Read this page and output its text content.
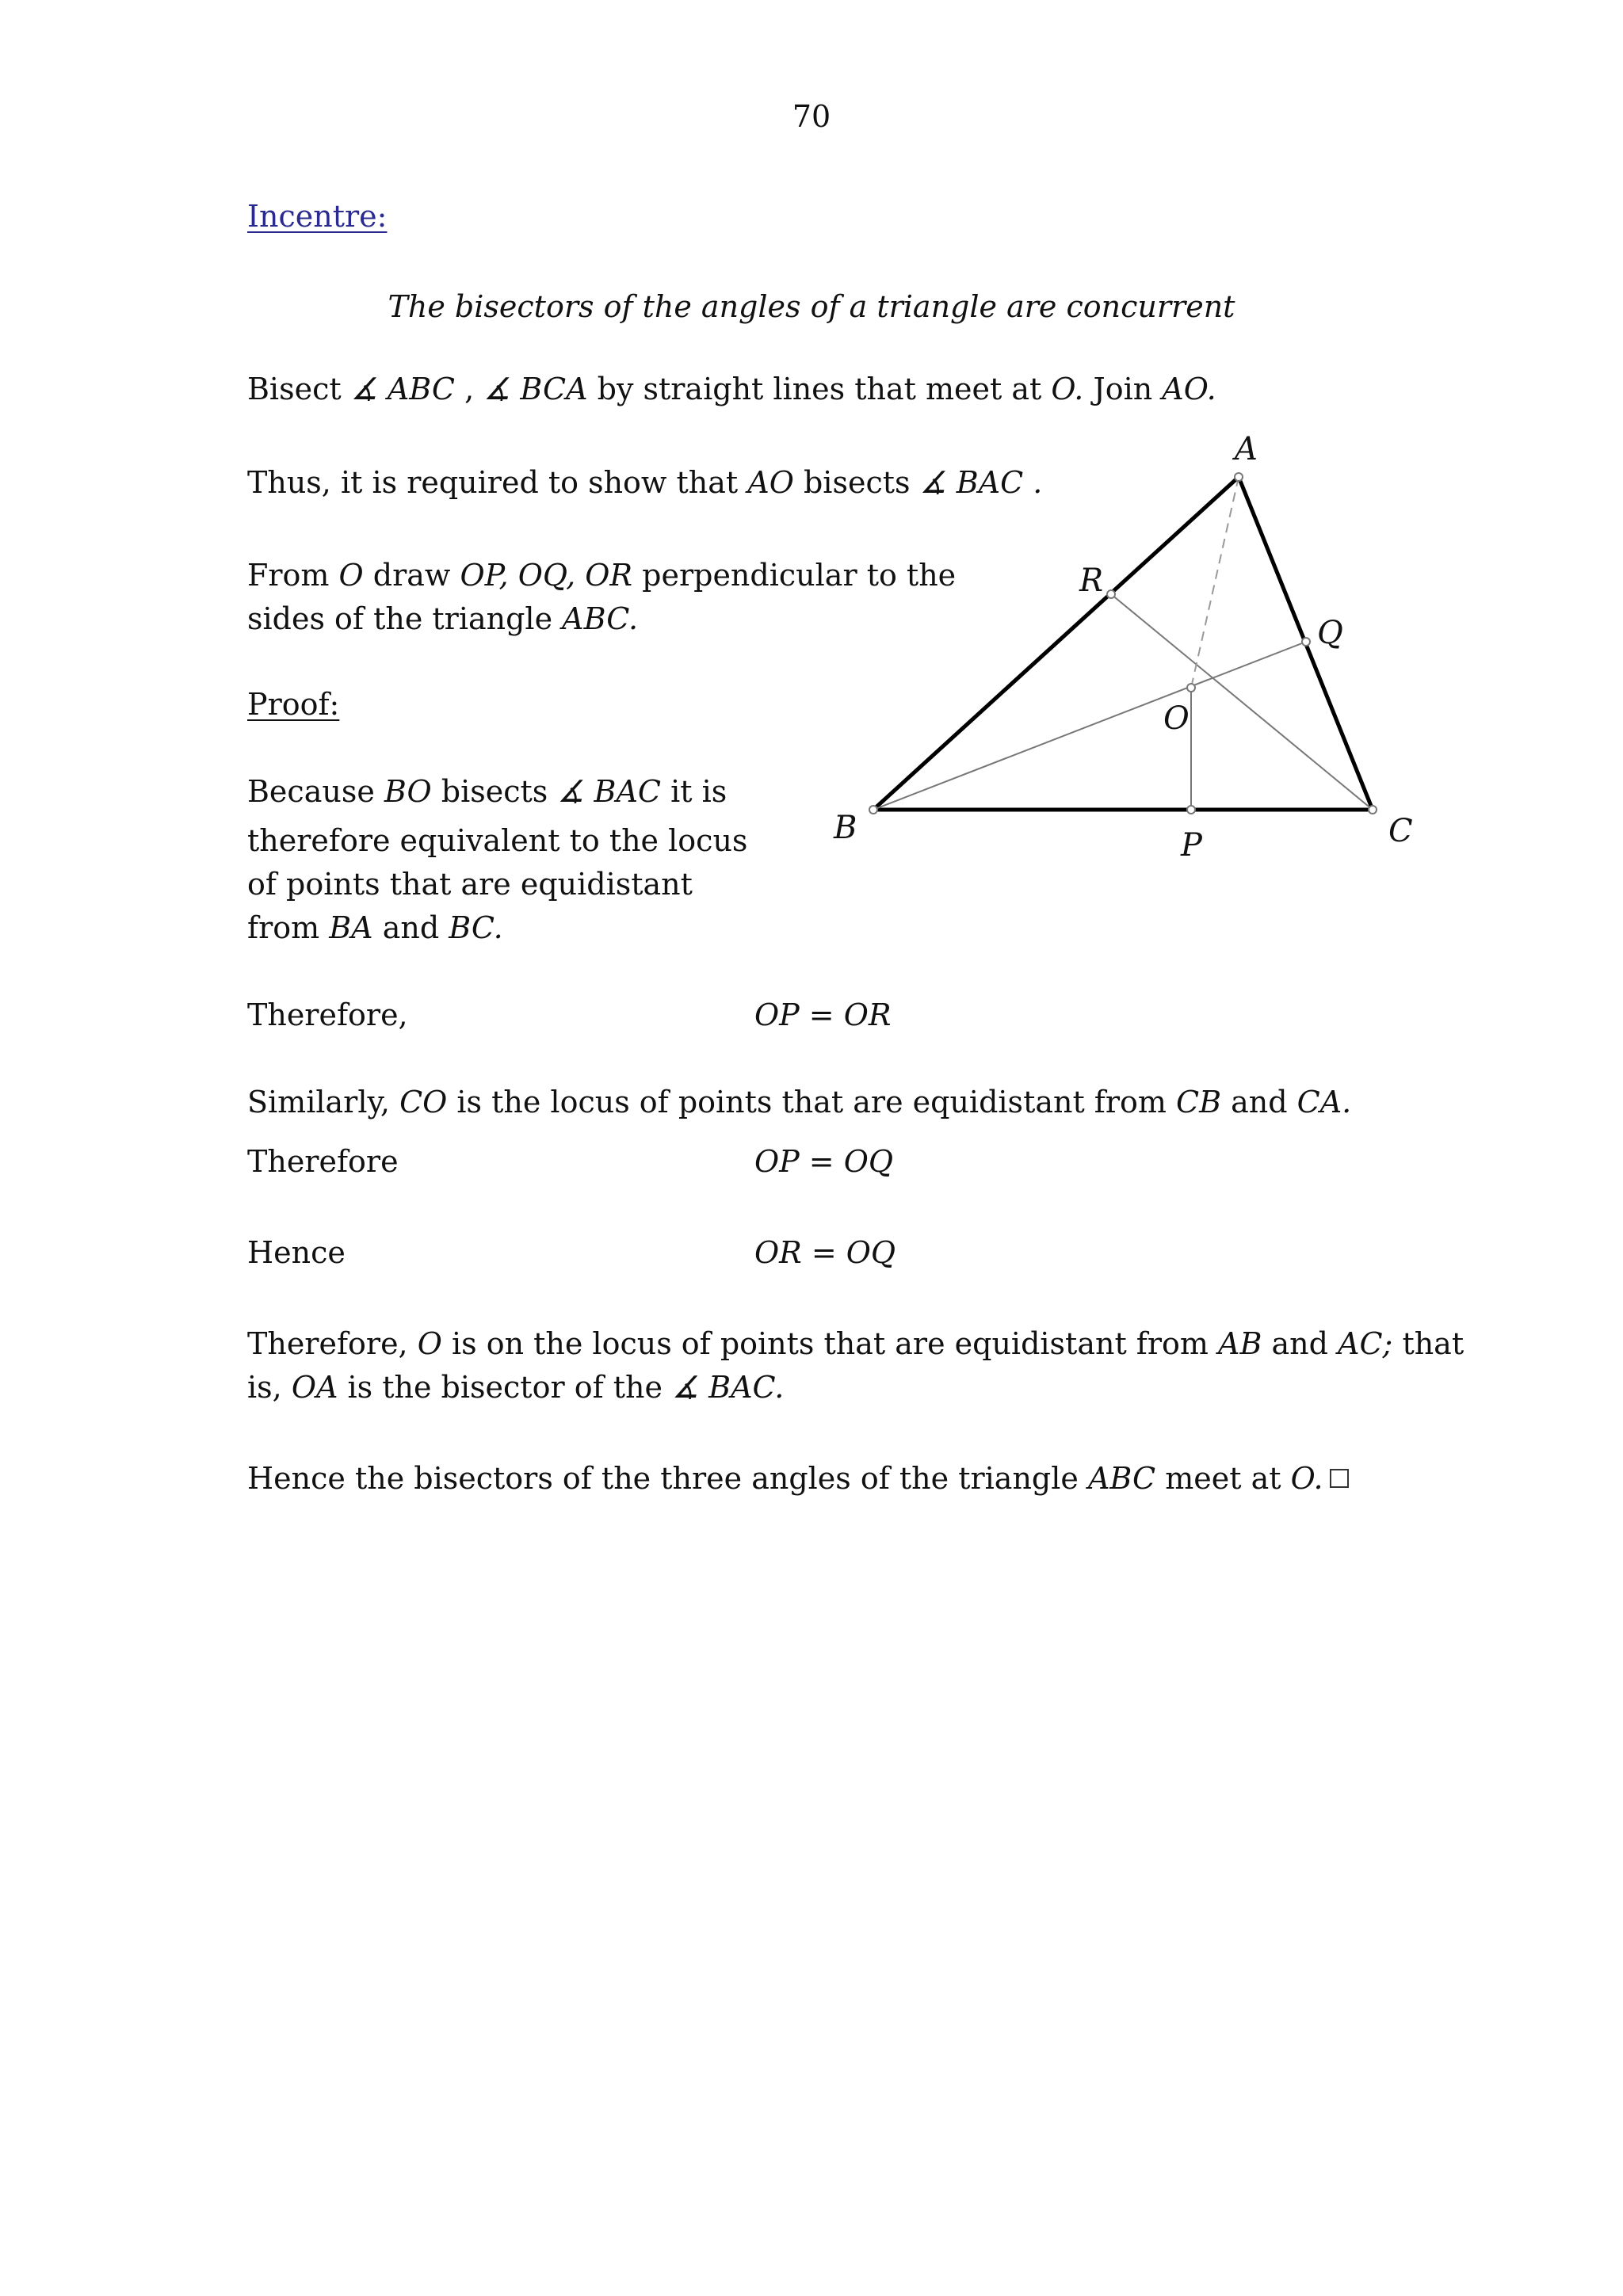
70
Incentre:
The bisectors of the angles of a triangle are concurrent
Bisect ∡ ABC , ∡ BCA by straight lines that meet at O. Join AO.
Thus, it is required to show that AO bisects ∡ BAC .
From O draw OP, OQ, OR perpendicular to the
sides of the triangle ABC.
Proof:
Because BO bisects ∡ BAC it is
therefore equivalent to the locus
of points that are equidistant
from BA and BC.
Therefore,	OP = OR
Similarly, CO is the locus of points that are equidistant from CB and CA.
Therefore	OP = OQ
Hence	OR = OQ
Therefore, O is on the locus of points that are equidistant from AB and AC; that
is, OA is the bisector of the ∡ BAC.
Hence the bisectors of the three angles of the triangle ABC meet at O.
A
B	C
O
P
Q
R
